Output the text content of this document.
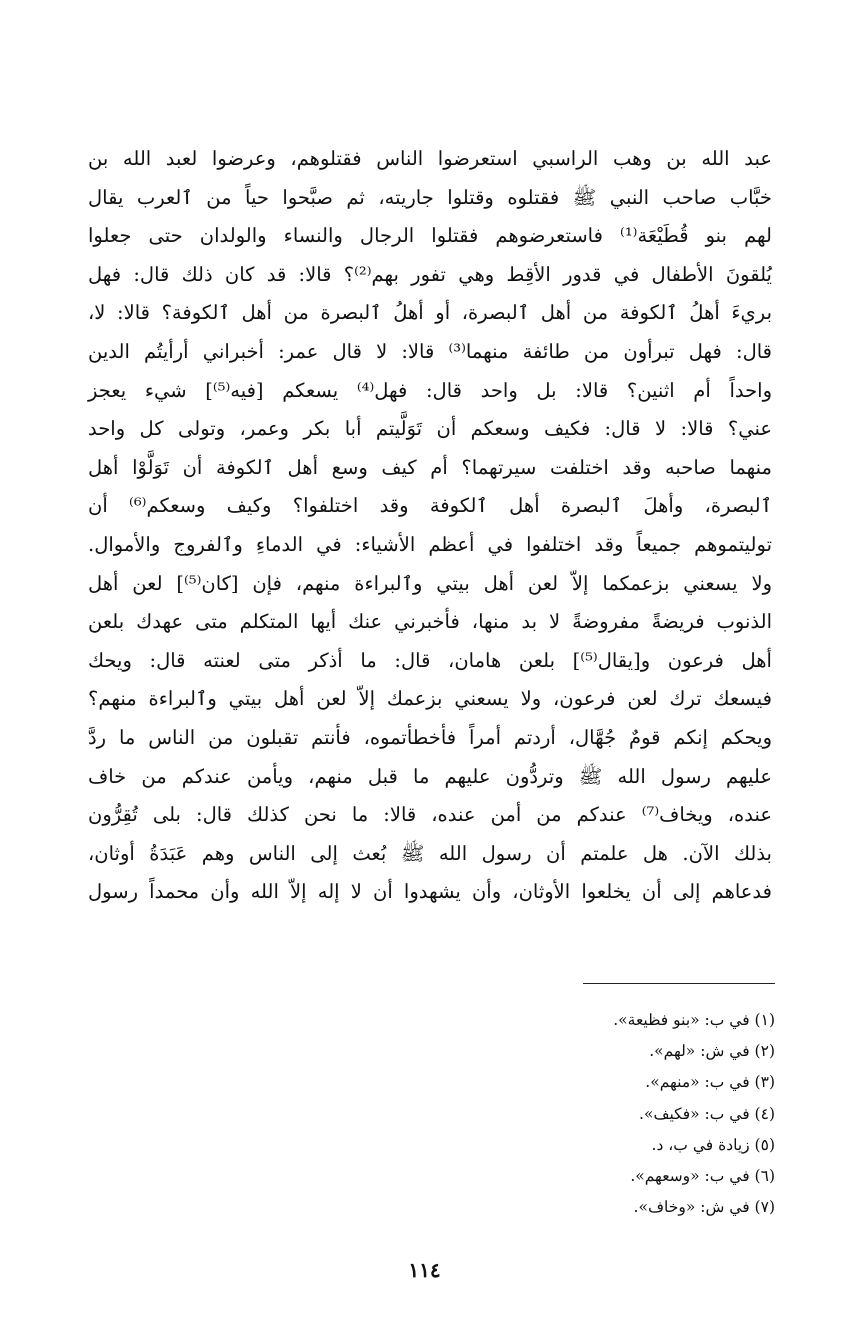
عبد الله بن وهب الراسبي استعرضوا الناس فقتلوهم، وعرضوا لعبد الله بن
خبَّاب صاحب النبي ﷺ فقتلوه وقتلوا جاريته، ثم صبَّحوا حياً من ٱلعرب يقال
لهم بنو قُطَيْعَة⁽¹⁾ فاستعرضوهم فقتلوا الرجال والنساء والولدان حتى جعلوا
يُلقونَ الأطفال في قدور الأقِط وهي تفور بهم⁽²⁾؟ قالا: قد كان ذلك قال: فهل
بريءَ أهلُ ٱلكوفة من أهل ٱلبصرة، أو أهلُ ٱلبصرة من أهل ٱلكوفة؟ قالا: لا،
قال: فهل تبرأون من طائفة منهما⁽³⁾ قالا: لا قال عمر: أخبراني أرأيتُم الدين
واحداً أم اثنين؟ قالا: بل واحد قال: فهل⁽⁴⁾ يسعكم [فيه⁽⁵⁾] شيء يعجز
عني؟ قالا: لا قال: فكيف وسعكم أن تَوَلَّيتم أبا بكر وعمر، وتولى كل واحد
منهما صاحبه وقد اختلفت سيرتهما؟ أم كيف وسع أهل ٱلكوفة أن تَوَلَّوْا أهل
ٱلبصرة، وأهلَ ٱلبصرة أهل ٱلكوفة وقد اختلفوا؟ وكيف وسعكم⁽⁶⁾ أن
توليتموهم جميعاً وقد اختلفوا في أعظم الأشياء: في الدماءِ وٱلفروج والأموال.
ولا يسعني بزعمكما إلاّ لعن أهل بيتي وٱلبراءة منهم، فإن [كان⁽⁵⁾] لعن أهل
الذنوب فريضةً مفروضةً لا بد منها، فأخبرني عنك أيها المتكلم متى عهدك بلعن
أهل فرعون و[يقال⁽⁵⁾] بلعن هامان، قال: ما أذكر متى لعنته قال: ويحك
فيسعك ترك لعن فرعون، ولا يسعني بزعمك إلاّ لعن أهل بيتي وٱلبراءة منهم؟
ويحكم إنكم قومٌ جُهَّال، أردتم أمراً فأخطأتموه، فأنتم تقبلون من الناس ما ردَّ
عليهم رسول الله ﷺ وتردُّون عليهم ما قبل منهم، ويأمن عندكم من خاف
عنده، ويخاف⁽⁷⁾ عندكم من أمن عنده، قالا: ما نحن كذلك قال: بلى تُقِرُّون
بذلك الآن. هل علمتم أن رسول الله ﷺ بُعث إلى الناس وهم عَبَدَةُ أوثان،
فدعاهم إلى أن يخلعوا الأوثان، وأن يشهدوا أن لا إله إلاّ الله وأن محمداً رسول
(١) في ب: «بنو فظيعة».
(٢) في ش: «لهم».
(٣) في ب: «منهم».
(٤) في ب: «فكيف».
(٥) زيادة في ب، د.
(٦) في ب: «وسعهم».
(٧) في ش: «وخاف».
١١٤
